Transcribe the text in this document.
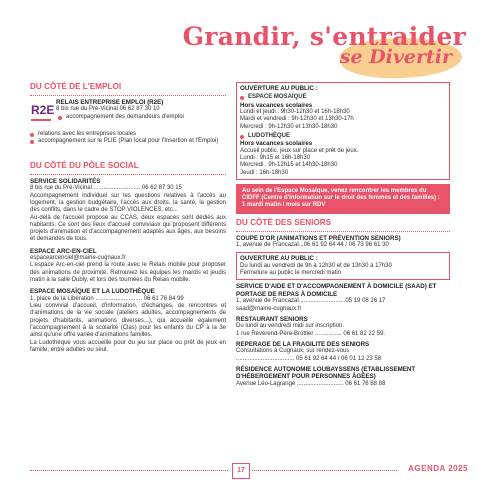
Grandir, s'entraider
se Divertir
DU CÔTÉ DE L'EMPLOI
R2E
RELAIS ENTREPRISE EMPLOI (R2E)
8 bis rue du Pré-Vicinal 06 62 87 30 10
accompagnement des demandeurs d'emploi
relations avec les entreprises locales
accompagnement sur le PLIE (Plan local pour l'Insertion et l'Emploi)
DU CÔTÉ DU PÔLE SOCIAL
SERVICE SOLIDARITÉS
8 bis rue du Pré-Vicinal ............................ 06 62 87 30 15
Accompagnement individuel sur les questions relatives à l'accès au logement, la gestion budgétaire, l'accès aux droits, la santé, la gestion des conflits, dans le cadre de STOP VIOLENCES, etc...
Au-delà de l'accueil proposé au CCAS, deux espaces sont dédiés aux habitants. Ce sont des lieux d'accueil conviviaux qui proposent différents projets d'animation et d'accompagnement adaptés aux âges, aux besoins et demandes de tous.
ESPACE ARC-EN-CIEL
espacearcenciel@mairie-cugnaux.fr
L'espace Arc-en-ciel prend la route avec le Relais mobile pour proposer des animations de proximité. Retrouvez les équipes les mardis et jeudis matin à la salle Dubly, et lors des tournées du Relais mobile.
ESPACE MOSAÏQUE ET LA LUDOTHÈQUE
1, place de la Libération ............................ 06 61 76 84 99
Lieu convivial d'accueil, d'information, d'échanges, de rencontres et d'animations de la vie sociale (ateliers adultes, accompagnements de projets d'habitants, animations diverses...), qui accueille également l'accompagnement à la scolarité (Clas) pour les enfants du CP à la 3e ainsi qu'une offre variée d'animations familles.
La Ludothèque vous accueille pour du jeu sur place ou prêt de jeux en famille, entre adultes ou seul.
OUVERTURE AU PUBLIC :
ESPACE MOSAÏQUE
Hors vacances scolaires
Lundi et jeudi : 9h30-12h30 et 16h-18h30
Mardi et vendredi : 9h-12h30 et 13h30-17h
Mercredi : 9h-12h30 et 13h30-18h30
LUDOTHÈQUE
Hors vacances scolaires
Accueil public, jeux sur place et prêt de jeux.
Lundi : 9h15 et 16h-18h30
Mercredi : 9h-12h15 et 14h30-18h30
Jeudi : 16h-18h30
Au sein de l'Espace Mosaïque, venez rencontrer les membres du CIDFF (Centre d'Information sur le droit des femmes et des familles) : 1 mardi matin / mois sur RDV
DU CÔTÉ DES SENIORS
COUPE D'OR (ANIMATIONS ET PRÉVENTION SENIORS)
1, avenue de Francazal...06 61 92 64 44 / 06 73 96 61 30
OUVERTURE AU PUBLIC :
Du lundi au vendredi de 9h à 12h30 et de 13h30 à 17h30
Fermeture au public le mercredi matin
SERVICE D'AIDE ET D'ACCOMPAGNEMENT À DOMICILE (SAAD) ET PORTAGE DE REPAS À DOMICILE
1, avenue de Francazal............................05 19 08 26 17
saad@mairie-cugnaux.fr
RESTAURANT SENIORS
Du lundi au vendredi midi sur inscription.
1 rue Révérend-Père-Brottier ................ 06 61 82 22 59.
REPERAGE DE LA FRAGILITE DES SENIORS
Consultations à Cugnaux, sur rendez-vous
................................... 05 61 92 64 44 / 06 01 12 23 58
RÉSIDENCE AUTONOMIE LOUBAYSSENS (ETABLISSEMENT D'HÉBERGEMENT POUR PERSONNES ÂGÉES)
Avenue Léo-Lagrange ............................ 06 61 76 88 88
17	AGENDA 2025
